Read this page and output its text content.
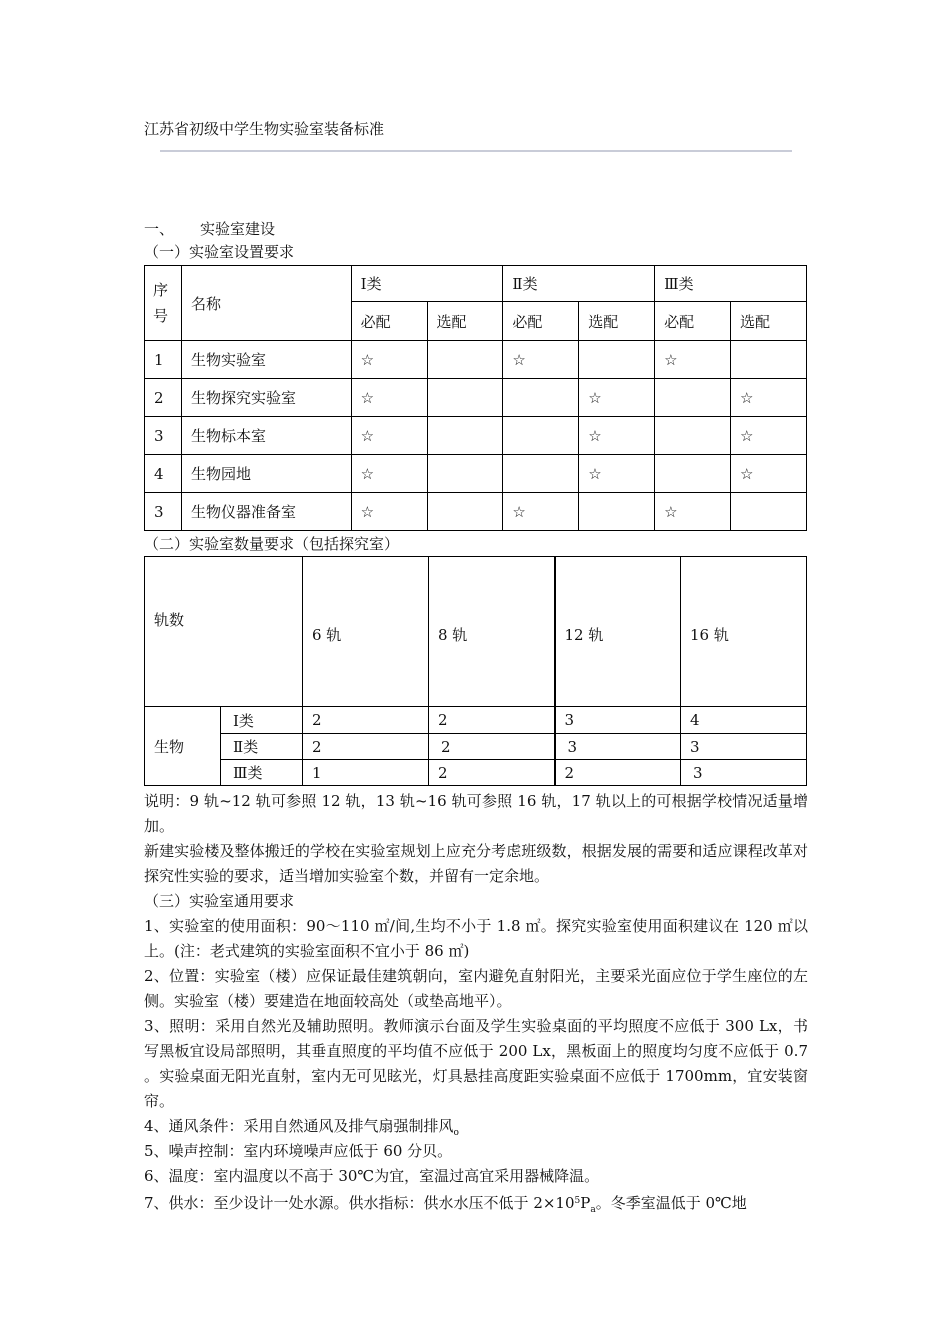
江苏省初级中学生物实验室装备标准
一、 实验室建设
（一）实验室设置要求
序号	名称	Ⅰ类		Ⅱ类		Ⅲ类	
		必配	选配	必配	选配	必配	选配
1	生物实验室	☆		☆		☆	
2	生物探究实验室	☆			☆		☆
3	生物标本室	☆			☆		☆
4	生物园地	☆			☆		☆
3	生物仪器准备室	☆		☆		☆	
（二）实验室数量要求（包括探究室）
轨数		6 轨	8 轨	12 轨	16 轨
生物	Ⅰ类	2	2	3	4
	Ⅱ类	2	2	3	3
	Ⅲ类	1	2	2	3
说明：9 轨~12 轨可参照 12 轨，13 轨~16 轨可参照 16 轨，17 轨以上的可根据学校情况适量增加。
新建实验楼及整体搬迁的学校在实验室规划上应充分考虑班级数，根据发展的需要和适应课程改革对探究性实验的要求，适当增加实验室个数，并留有一定余地。
（三）实验室通用要求
1、实验室的使用面积：90～110 ㎡/间,生均不小于 1.8 ㎡。探究实验室使用面积建议在 120 ㎡以上。(注：老式建筑的实验室面积不宜小于 86 ㎡)
2、位置：实验室（楼）应保证最佳建筑朝向，室内避免直射阳光，主要采光面应位于学生座位的左侧。实验室（楼）要建造在地面较高处（或垫高地平）。
3、照明：采用自然光及辅助照明。教师演示台面及学生实验桌面的平均照度不应低于 300 Lx，书写黑板宜设局部照明，其垂直照度的平均值不应低于 200 Lx，黑板面上的照度均匀度不应低于 0.7 。实验桌面无阳光直射，室内无可见眩光，灯具悬挂高度距实验桌面不应低于 1700mm，宜安装窗帘。
4、通风条件：采用自然通风及排气扇强制排风$_o$
5、噪声控制：室内环境噪声应低于 60 分贝。
6、温度：室内温度以不高于 30℃为宜，室温过高宜采用器械降温。
7、供水：至少设计一处水源。供水指标：供水水压不低于 $2\times 10^5P_a$。冬季室温低于 0℃地
